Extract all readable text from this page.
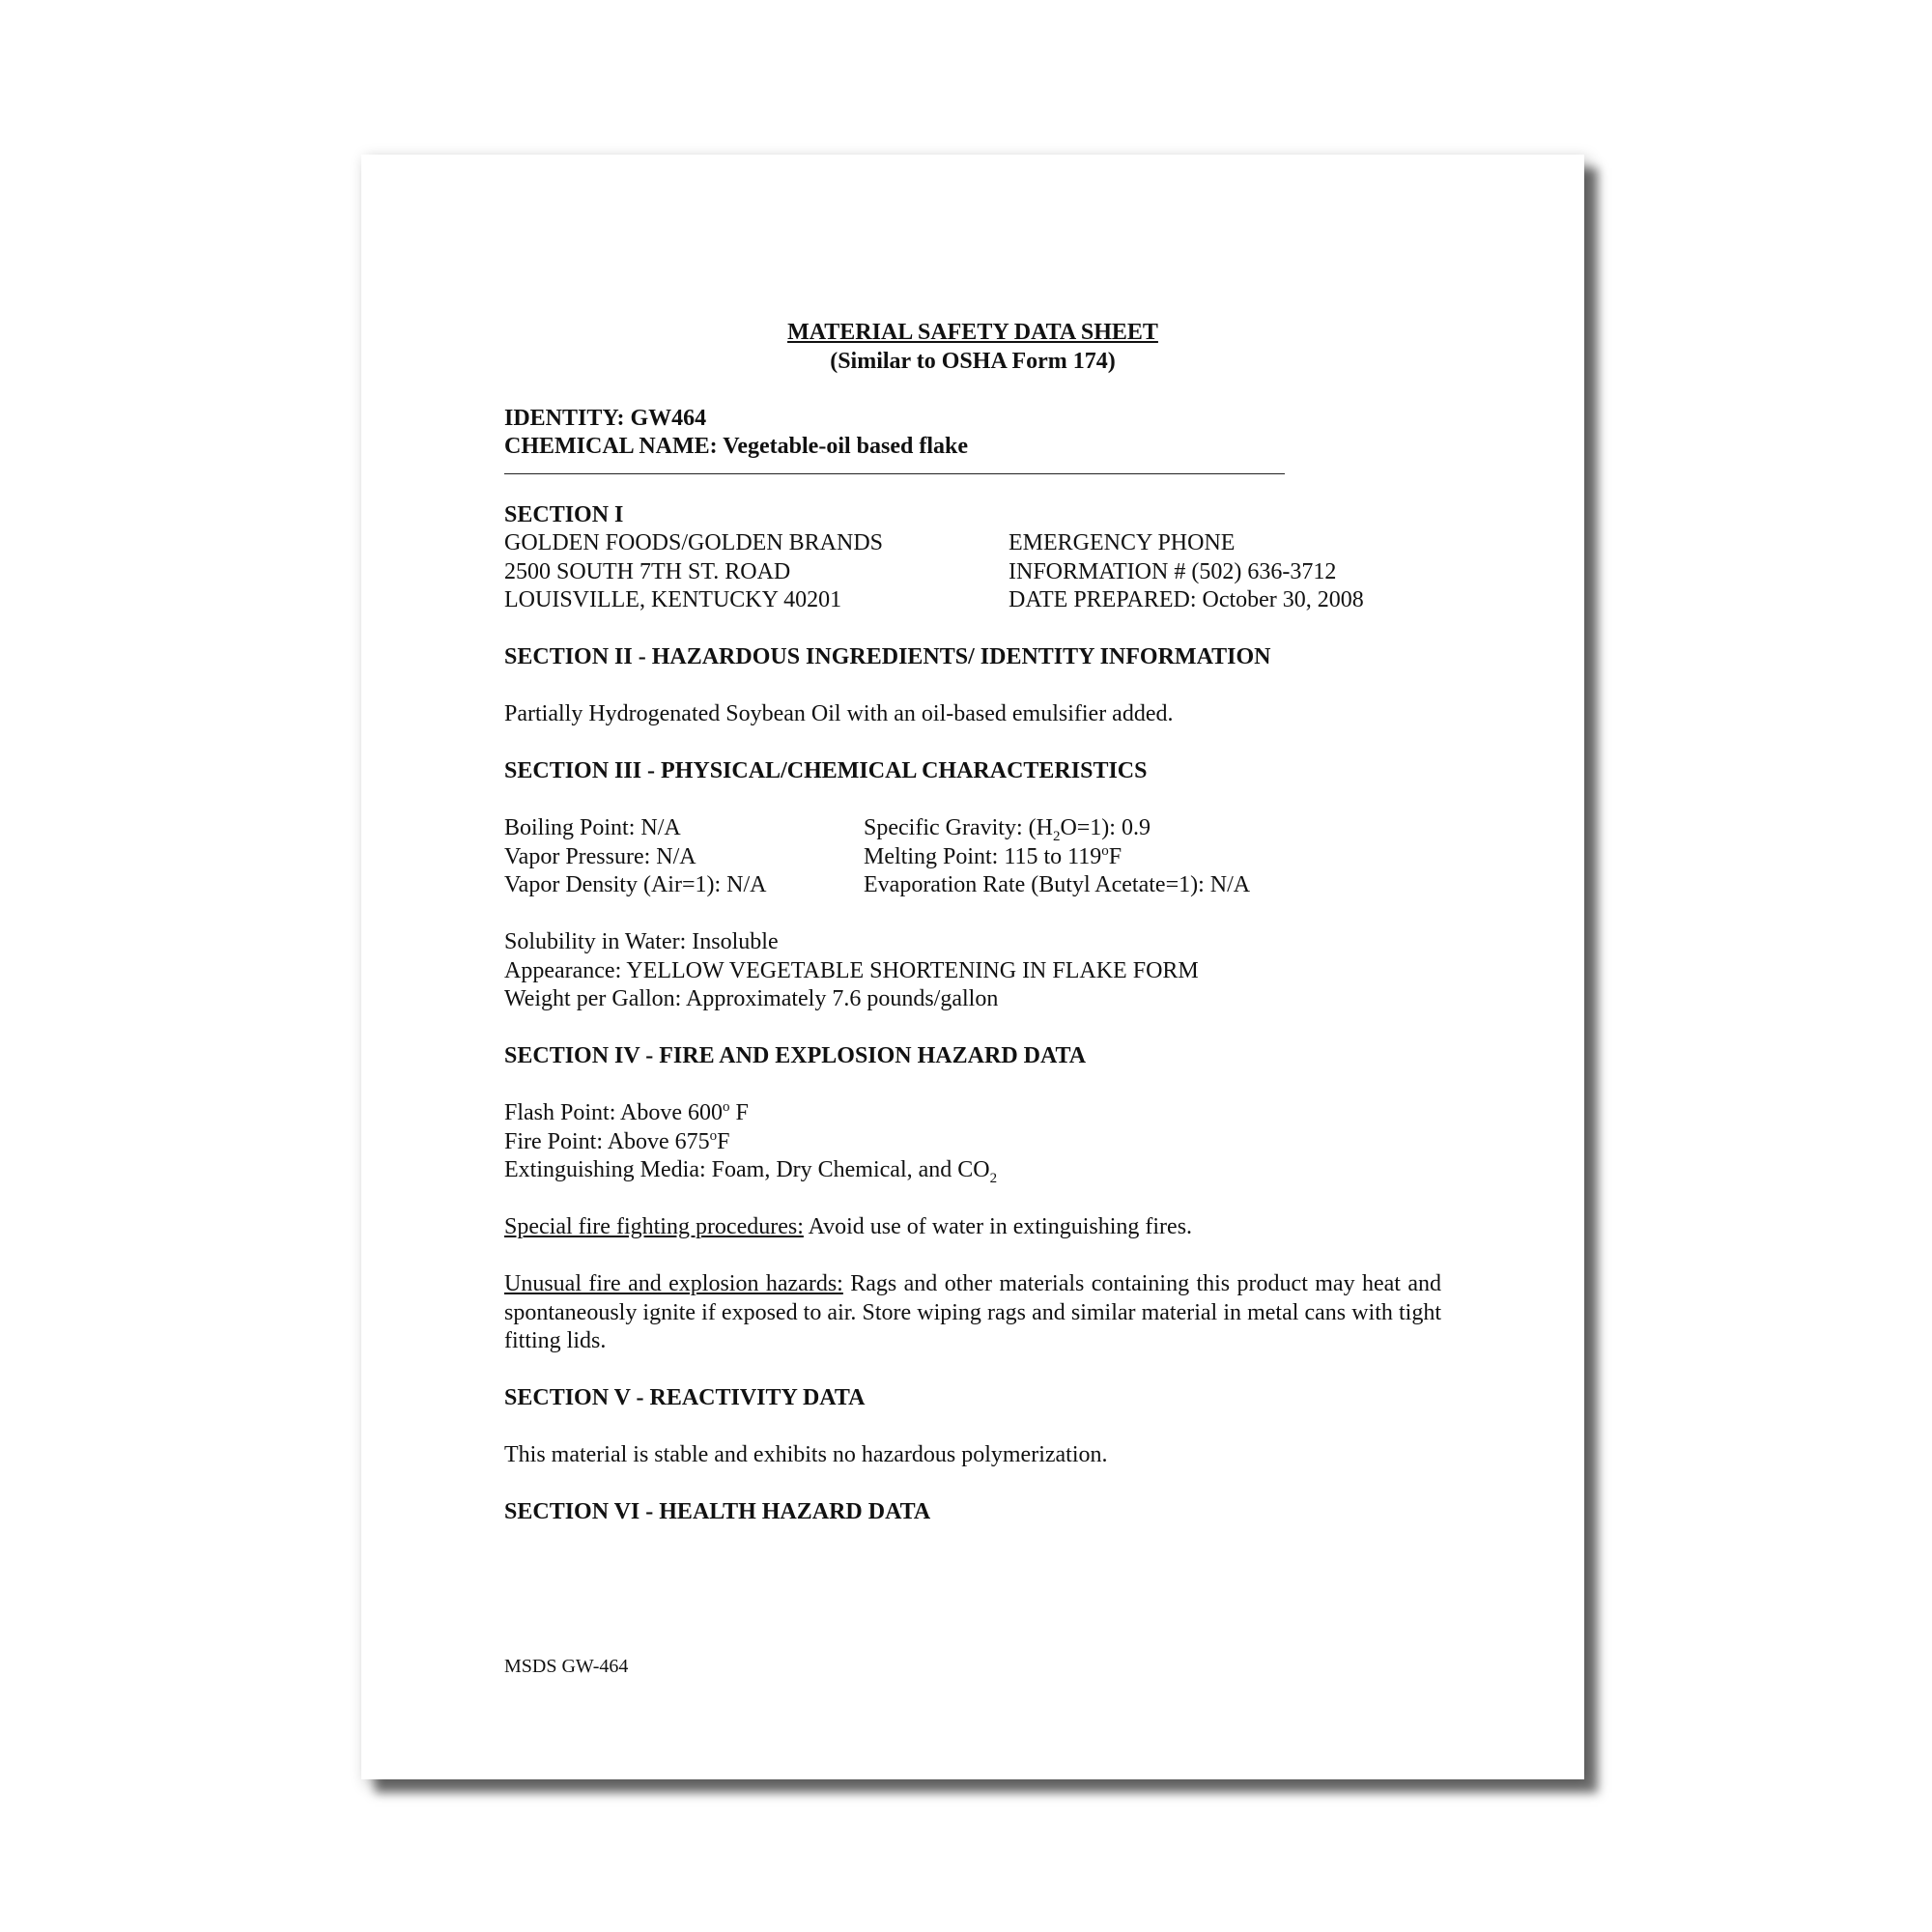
MATERIAL SAFETY DATA SHEET
(Similar to OSHA Form 174)
IDENTITY: GW464
CHEMICAL NAME: Vegetable-oil based flake
SECTION I
GOLDEN FOODS/GOLDEN BRANDS
2500 SOUTH 7TH ST. ROAD
LOUISVILLE, KENTUCKY 40201
EMERGENCY PHONE
INFORMATION # (502) 636-3712
DATE PREPARED: October 30, 2008
SECTION II - HAZARDOUS INGREDIENTS/ IDENTITY INFORMATION
Partially Hydrogenated Soybean Oil with an oil-based emulsifier added.
SECTION III - PHYSICAL/CHEMICAL CHARACTERISTICS
Boiling Point: N/A
Vapor Pressure: N/A
Vapor Density (Air=1): N/A
Specific Gravity: $(H_2O=1)$: 0.9
Melting Point: 115 to 119$^o$F
Evaporation Rate (Butyl Acetate=1): N/A
Solubility in Water: Insoluble
Appearance: YELLOW VEGETABLE SHORTENING IN FLAKE FORM
Weight per Gallon: Approximately 7.6 pounds/gallon
SECTION IV - FIRE AND EXPLOSION HAZARD DATA
Flash Point: Above 600$^o$ F
Fire Point: Above 675$^o$F
Extinguishing Media: Foam, Dry Chemical, and $CO_2$
Special fire fighting procedures: Avoid use of water in extinguishing fires.
Unusual fire and explosion hazards: Rags and other materials containing this product may heat and spontaneously ignite if exposed to air. Store wiping rags and similar material in metal cans with tight fitting lids.
SECTION V - REACTIVITY DATA
This material is stable and exhibits no hazardous polymerization.
SECTION VI - HEALTH HAZARD DATA
MSDS GW-464
